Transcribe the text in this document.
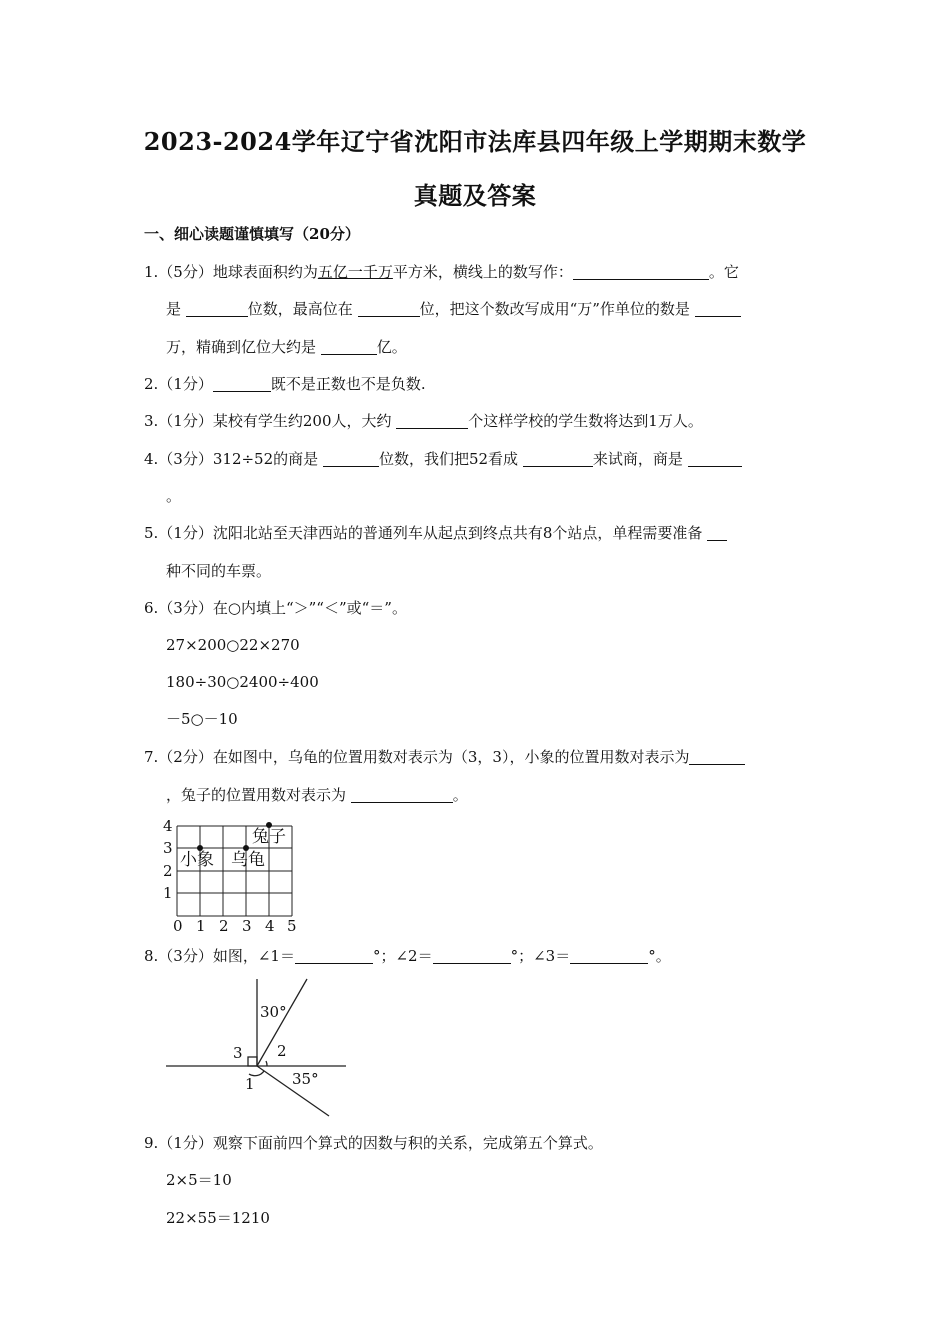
2023-2024学年辽宁省沈阳市法库县四年级上学期期末数学
真题及答案
一、细心读题谨慎填写（20分）
1.（5分）地球表面积约为五亿一千万平方米，横线上的数写作：	。它
是	位数，最高位在	位，把这个数改写成用“万”作单位的数是
万，精确到亿位大约是	亿。
2.（1分）	既不是正数也不是负数.
3.（1分）某校有学生约200人，大约	个这样学校的学生数将达到1万人。
4.（3分）312÷52的商是	位数，我们把52看成	来试商，商是
。
5.（1分）沈阳北站至天津西站的普通列车从起点到终点共有8个站点，单程需要准备
种不同的车票。
6.（3分）在○内填上“＞”“＜”或“＝”。
27×200○22×270
180÷30○2400÷400
－5○－10
7.（2分）在如图中，乌龟的位置用数对表示为（3，3），小象的位置用数对表示为
，兔子的位置用数对表示为	。
0 1 2 3 4 5
1
2
3
4
小象 乌龟
兔子
8.（3分）如图，∠1＝	°；∠2＝	°；∠3＝	°。
30°
35°
2
3
1
9.（1分）观察下面前四个算式的因数与积的关系，完成第五个算式。
2×5＝10
22×55＝1210
